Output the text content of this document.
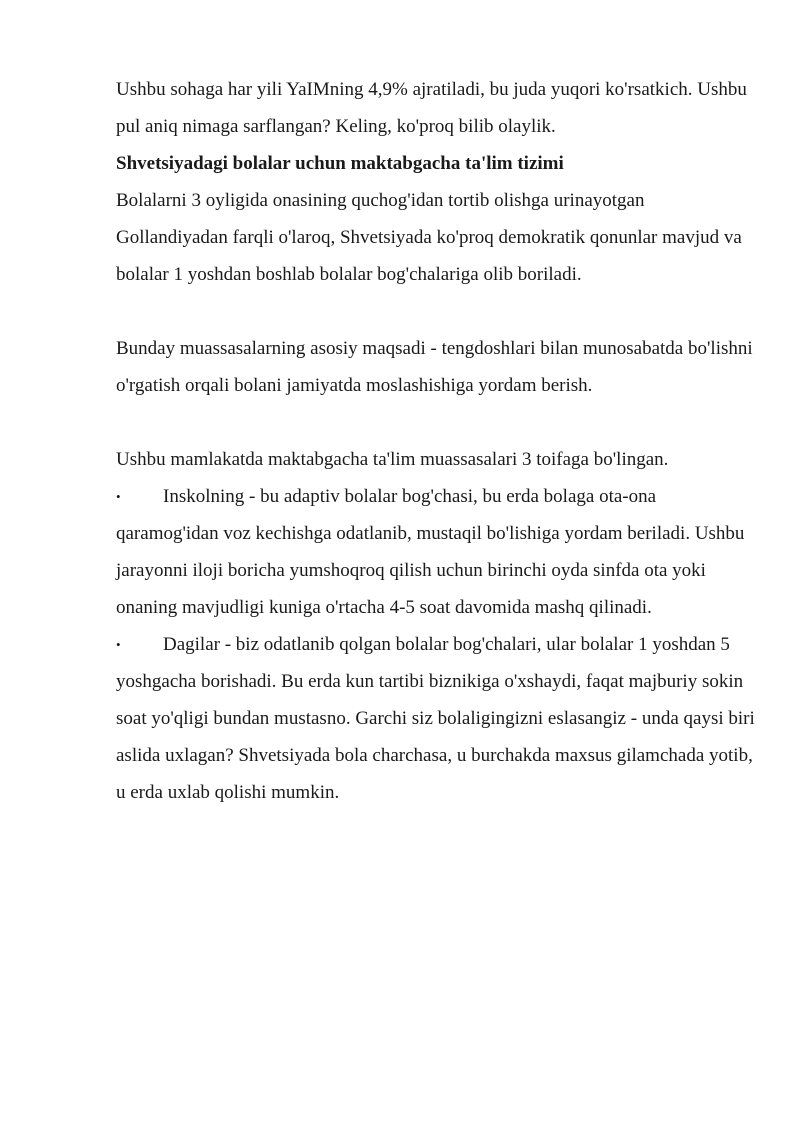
Ushbu sohaga har yili YaIMning 4,9% ajratiladi, bu juda yuqori ko'rsatkich. Ushbu pul aniq nimaga sarflangan? Keling, ko'proq bilib olaylik.

Shvetsiyadagi bolalar uchun maktabgacha ta'lim tizimi

Bolalarni 3 oyligida onasining quchog'idan tortib olishga urinayotgan Gollandiyadan farqli o'laroq, Shvetsiyada ko'proq demokratik qonunlar mavjud va bolalar 1 yoshdan boshlab bolalar bog'chalariga olib boriladi.

Bunday muassasalarning asosiy maqsadi - tengdoshlari bilan munosabatda bo'lishni o'rgatish orqali bolani jamiyatda moslashishiga yordam berish.

Ushbu mamlakatda maktabgacha ta'lim muassasalari 3 toifaga bo'lingan.

• Inskolning - bu adaptiv bolalar bog'chasi, bu erda bolaga ota-ona qaramog'idan voz kechishga odatlanib, mustaqil bo'lishiga yordam beriladi. Ushbu jarayonni iloji boricha yumshoqroq qilish uchun birinchi oyda sinfda ota yoki onaning mavjudligi kuniga o'rtacha 4-5 soat davomida mashq qilinadi.

• Dagilar - biz odatlanib qolgan bolalar bog'chalari, ular bolalar 1 yoshdan 5 yoshgacha borishadi. Bu erda kun tartibi biznikiga o'xshaydi, faqat majburiy sokin soat yo'qligi bundan mustasno. Garchi siz bolaligingizni eslasangiz - unda qaysi biri aslida uxlagan? Shvetsiyada bola charchasa, u burchakda maxsus gilamchada yotib, u erda uxlab qolishi mumkin.
